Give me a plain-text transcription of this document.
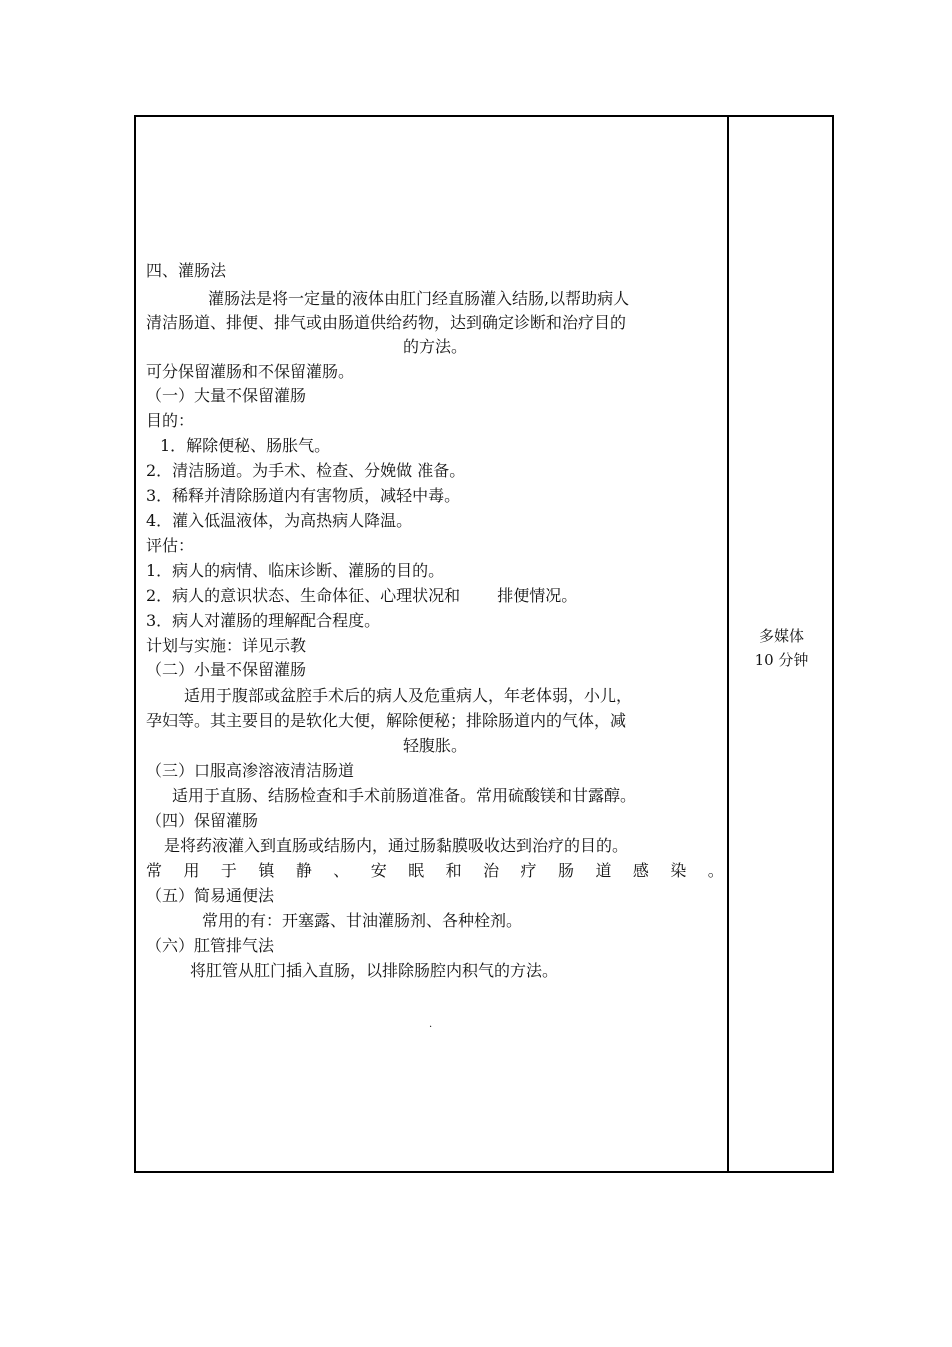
四、灌肠法
灌肠法是将一定量的液体由肛门经直肠灌入结肠,以帮助病人
清洁肠道、排便、排气或由肠道供给药物，达到确定诊断和治疗目的
的方法。
可分保留灌肠和不保留灌肠。
（一）大量不保留灌肠
目的：
1．解除便秘、肠胀气。
2．清洁肠道。为手术、检查、分娩做 准备。
3．稀释并清除肠道内有害物质，减轻中毒。
4．灌入低温液体，为高热病人降温。
评估：
1．病人的病情、临床诊断、灌肠的目的。
2．病人的意识状态、生命体征、心理状况和　　 排便情况。
3．病人对灌肠的理解配合程度。
计划与实施：详见示教
（二）小量不保留灌肠
适用于腹部或盆腔手术后的病人及危重病人，年老体弱，小儿，
孕妇等。其主要目的是软化大便，解除便秘；排除肠道内的气体，减
轻腹胀。
（三）口服高渗溶液清洁肠道
适用于直肠、结肠检查和手术前肠道准备。常用硫酸镁和甘露醇。
（四）保留灌肠
是将药液灌入到直肠或结肠内，通过肠黏膜吸收达到治疗的目的。
常 用 于 镇 静 、 安 眠 和 治 疗 肠 道 感 染 。
（五）简易通便法
常用的有：开塞露、甘油灌肠剂、各种栓剂。
（六）肛管排气法
将肛管从肛门插入直肠，以排除肠腔内积气的方法。
.
多媒体
10 分钟
